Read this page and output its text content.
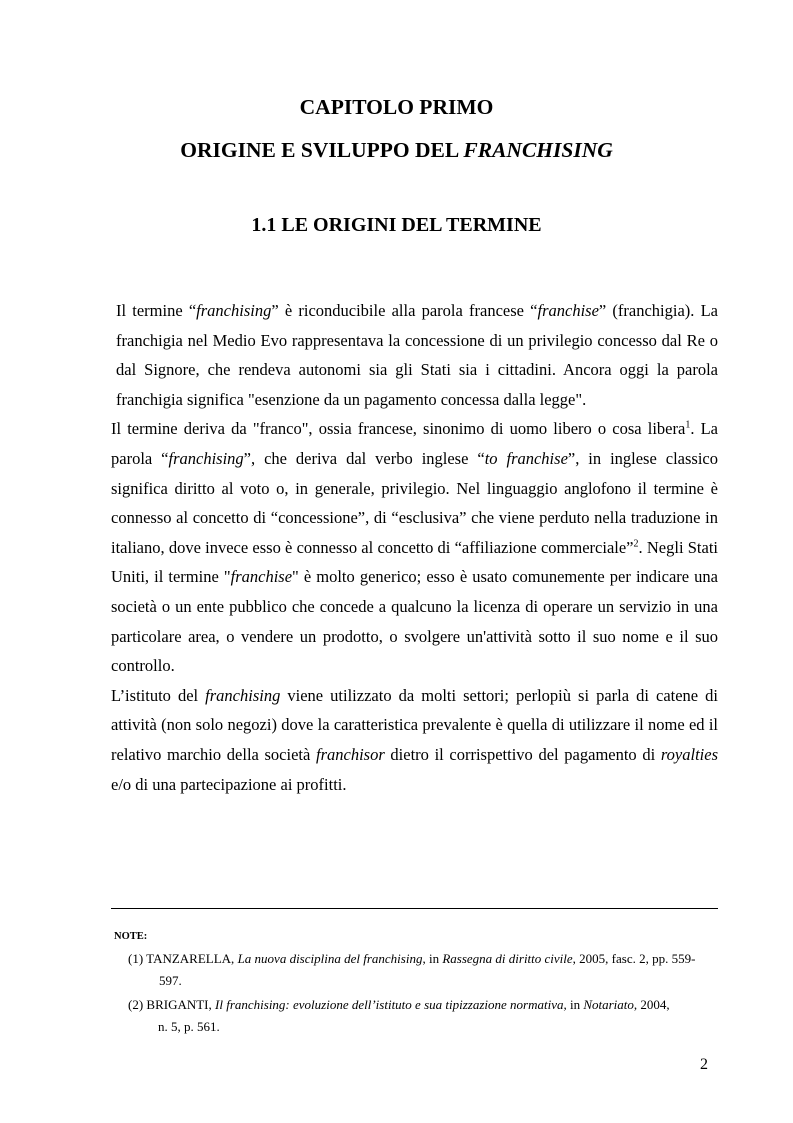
CAPITOLO PRIMO
ORIGINE E SVILUPPO DEL FRANCHISING
1.1 LE ORIGINI DEL TERMINE

Il termine “franchising” è riconducibile alla parola francese “franchise” (franchigia). La franchigia nel Medio Evo rappresentava la concessione di un privilegio concesso dal Re o dal Signore, che rendeva autonomi sia gli Stati sia i cittadini. Ancora oggi la parola franchigia significa "esenzione da un pagamento concessa dalla legge".

Il termine deriva da "franco", ossia francese, sinonimo di uomo libero o cosa libera$^1$. La parola “franchising”, che deriva dal verbo inglese “to franchise”, in inglese classico significa diritto al voto o, in generale, privilegio. Nel linguaggio anglofono il termine è connesso al concetto di “concessione”, di “esclusiva” che viene perduto nella traduzione in italiano, dove invece esso è connesso al concetto di “affiliazione commerciale”$^2$. Negli Stati Uniti, il termine "franchise" è molto generico; esso è usato comunemente per indicare una società o un ente pubblico che concede a qualcuno la licenza di operare un servizio in una particolare area, o vendere un prodotto, o svolgere un'attività sotto il suo nome e il suo controllo.

L’istituto del franchising viene utilizzato da molti settori; perlopiù si parla di catene di attività (non solo negozi) dove la caratteristica prevalente è quella di utilizzare il nome ed il relativo marchio della società franchisor dietro il corrispettivo del pagamento di royalties e/o di una partecipazione ai profitti.

NOTE:
(1) TANZARELLA, La nuova disciplina del franchising, in Rassegna di diritto civile, 2005, fasc. 2, pp. 559-
597.
(2) BRIGANTI, Il franchising: evoluzione dell’istituto e sua tipizzazione normativa, in Notariato, 2004,
n. 5, p. 561.
2
